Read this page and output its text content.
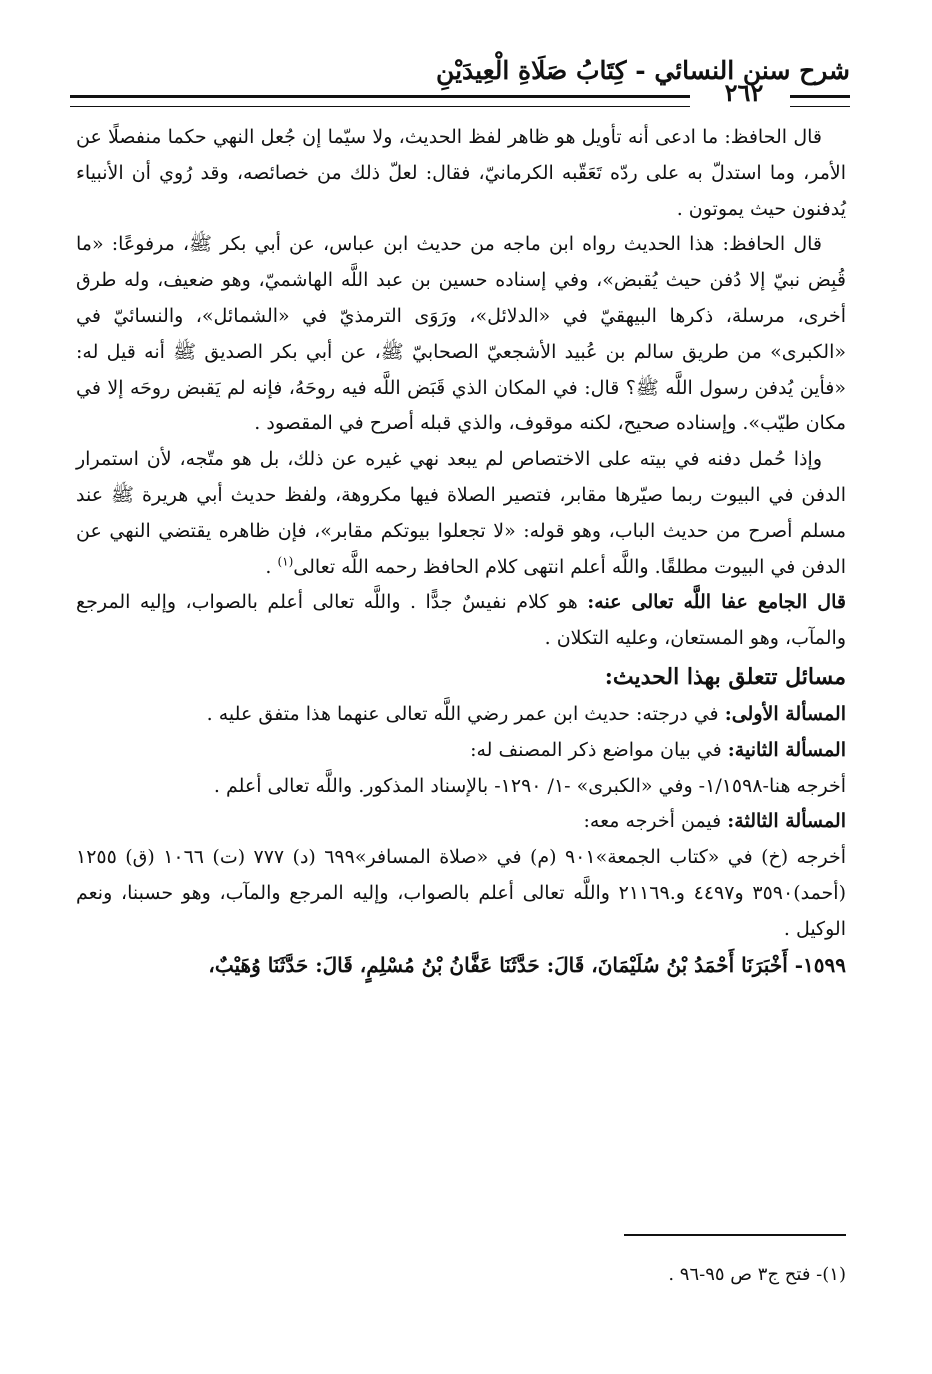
شرح سنن النسائي - كِتَابُ صَلَاةِ الْعِيدَيْنِ
٢٦٢

قال الحافظ: ما ادعى أنه تأويل هو ظاهر لفظ الحديث، ولا سيّما إن جُعل النهي حكما منفصلًا عن الأمر، وما استدلّ به على ردّه تَعَقّبه الكرمانيّ، فقال: لعلّ ذلك من خصائصه، وقد رُوي أن الأنبياء يُدفنون حيث يموتون .

قال الحافظ: هذا الحديث رواه ابن ماجه من حديث ابن عباس، عن أبي بكر ﷺ، مرفوعًا: «ما قُبِض نبيّ إلا دُفن حيث يُقبض»، وفي إسناده حسين بن عبد اللَّه الهاشميّ، وهو ضعيف، وله طرق أخرى، مرسلة، ذكرها البيهقيّ في «الدلائل»، ورَوَى الترمذيّ في «الشمائل»، والنسائيّ في «الكبرى» من طريق سالم بن عُبيد الأشجعيّ الصحابيّ ﷺ، عن أبي بكر الصديق ﷺ أنه قيل له: «فأين يُدفن رسول اللَّه ﷺ؟ قال: في المكان الذي قَبَض اللَّه فيه روحَهُ، فإنه لم يَقبض روحَه إلا في مكان طيّب». وإسناده صحيح، لكنه موقوف، والذي قبله أصرح في المقصود .

وإذا حُمل دفنه في بيته على الاختصاص لم يبعد نهي غيره عن ذلك، بل هو متّجه، لأن استمرار الدفن في البيوت ربما صيّرها مقابر، فتصير الصلاة فيها مكروهة، ولفظ حديث أبي هريرة ﷺ عند مسلم أصرح من حديث الباب، وهو قوله: «لا تجعلوا بيوتكم مقابر»، فإن ظاهره يقتضي النهي عن الدفن في البيوت مطلقًا. واللَّه أعلم انتهى كلام الحافظ رحمه اللَّه تعالى$^{(١)}$ .

قال الجامع عفا اللَّه تعالى عنه: هو كلام نفيسٌ جدًّا . واللَّه تعالى أعلم بالصواب، وإليه المرجع والمآب، وهو المستعان، وعليه التكلان .

مسائل تتعلق بهذا الحديث:

المسألة الأولى: في درجته: حديث ابن عمر رضي اللَّه تعالى عنهما هذا متفق عليه .

المسألة الثانية: في بيان مواضع ذكر المصنف له:

أخرجه هنا-١/١٥٩٨- وفي «الكبرى» -١/ ١٢٩٠- بالإسناد المذكور. واللَّه تعالى أعلم .

المسألة الثالثة: فيمن أخرجه معه:

أخرجه (خ) في «كتاب الجمعة»٩٠١ (م) في «صلاة المسافر»٦٩٩ (د) ٧٧٧ (ت) ١٠٦٦ (ق) ١٢٥٥ (أحمد)٣٥٩٠ و٤٤٩٧ و.٢١١٦٩ واللَّه تعالى أعلم بالصواب، وإليه المرجع والمآب، وهو حسبنا، ونعم الوكيل .

١٥٩٩- أَخْبَرَنَا أَحْمَدُ بْنُ سُلَيْمَانَ، قَالَ: حَدَّثَنَا عَفَّانُ بْنُ مُسْلِمٍ، قَالَ: حَدَّثَنَا وُهَيْبٌ،

(١)- فتح ج٣ ص ٩٥-٩٦ .
